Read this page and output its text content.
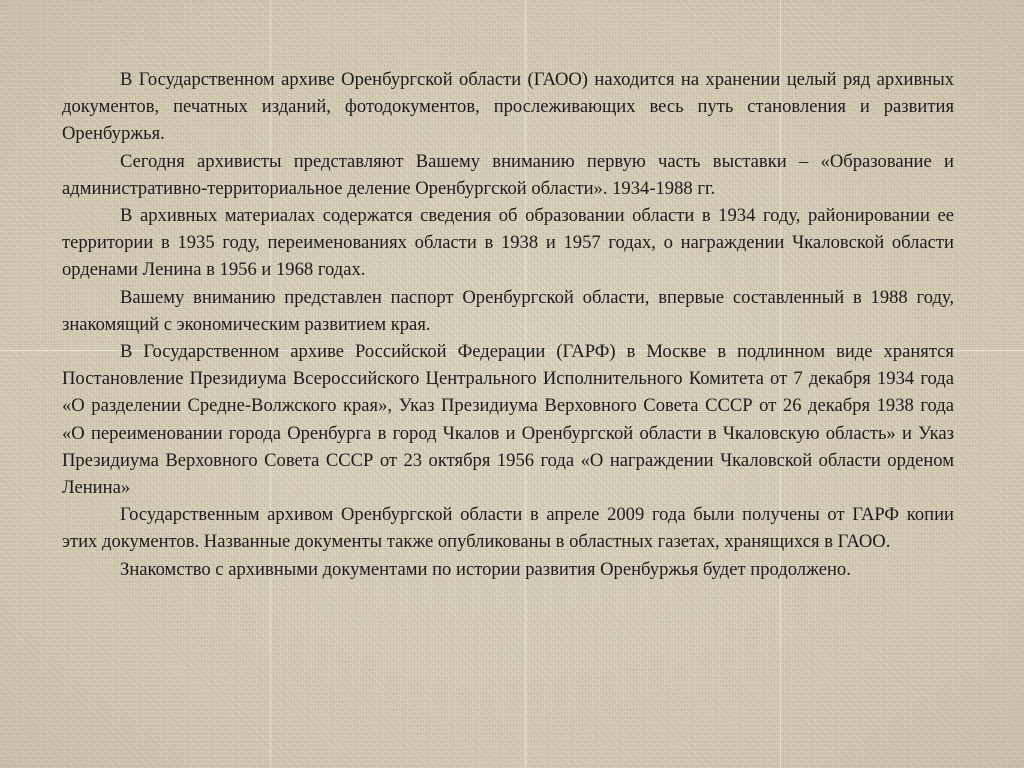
В Государственном архиве Оренбургской области (ГАОО) находится на хранении целый ряд архивных документов, печатных изданий, фотодокументов, прослеживающих весь путь становления и развития Оренбуржья.

Сегодня архивисты представляют Вашему вниманию первую часть выставки – «Образование и административно-территориальное деление Оренбургской области». 1934-1988 гг.

В архивных материалах содержатся сведения об образовании области в 1934 году, районировании ее территории в 1935 году, переименованиях области в 1938 и 1957 годах, о награждении Чкаловской области орденами Ленина в 1956 и 1968 годах.

Вашему вниманию представлен паспорт Оренбургской области, впервые составленный в 1988 году, знакомящий с экономическим развитием края.

В Государственном архиве Российской Федерации (ГАРФ) в Москве в подлинном виде хранятся Постановление Президиума Всероссийского Центрального Исполнительного Комитета от 7 декабря 1934 года «О разделении Средне-Волжского края», Указ Президиума Верховного Совета СССР от 26 декабря 1938 года «О переименовании города Оренбурга в город Чкалов и Оренбургской области в Чкаловскую область» и Указ Президиума Верховного Совета СССР от 23 октября 1956 года «О награждении Чкаловской области орденом Ленина»

Государственным архивом Оренбургской области в апреле 2009 года были получены от ГАРФ копии этих документов. Названные документы также опубликованы в областных газетах, хранящихся в ГАОО.

Знакомство с архивными документами по истории развития Оренбуржья будет продолжено.
